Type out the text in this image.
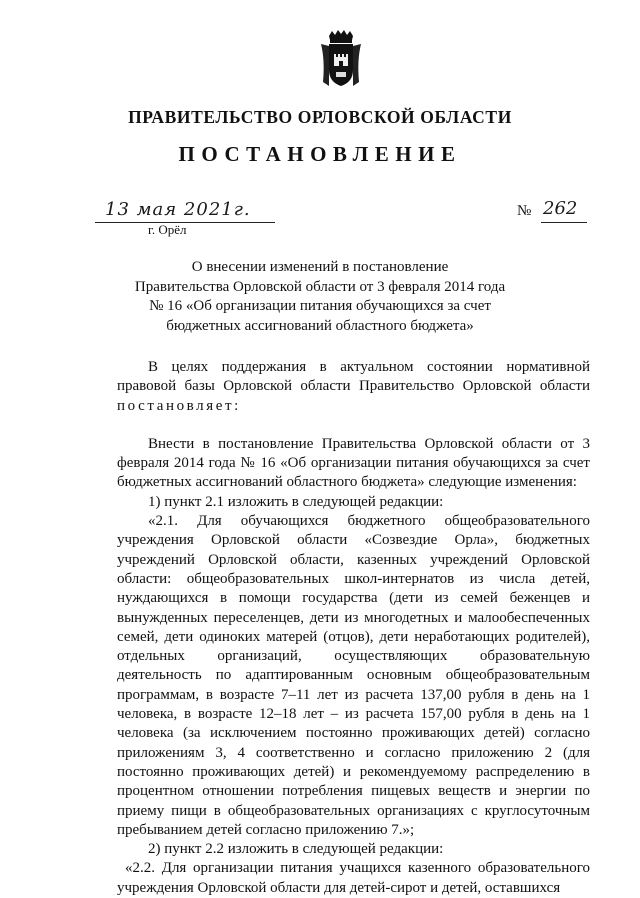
ПРАВИТЕЛЬСТВО ОРЛОВСКОЙ ОБЛАСТИ
ПОСТАНОВЛЕНИЕ
13 мая 2021г.
г. Орёл
№ 262
О внесении изменений в постановление
Правительства Орловской области от 3 февраля 2014 года
№ 16 «Об организации питания обучающихся за счет
бюджетных ассигнований областного бюджета»

В целях поддержания в актуальном состоянии нормативной правовой базы Орловской области Правительство Орловской области

постановляет:

Внести в постановление Правительства Орловской области от 3 февраля 2014 года № 16 «Об организации питания обучающихся за счет бюджетных ассигнований областного бюджета» следующие изменения:

1) пункт 2.1 изложить в следующей редакции:

«2.1. Для обучающихся бюджетного общеобразовательного учреждения Орловской области «Созвездие Орла», бюджетных учреждений Орловской области, казенных учреждений Орловской области: общеобразовательных школ-интернатов из числа детей, нуждающихся в помощи государства (дети из семей беженцев и вынужденных переселенцев, дети из многодетных и малообеспеченных семей, дети одиноких матерей (отцов), дети неработающих родителей), отдельных организаций, осуществляющих образовательную деятельность по адаптированным основным общеобразовательным программам, в возрасте 7–11 лет из расчета 137,00 рубля в день на 1 человека, в возрасте 12–18 лет – из расчета 157,00 рубля в день на 1 человека (за исключением постоянно проживающих детей) согласно приложениям 3, 4 соответственно и согласно приложению 2 (для постоянно проживающих детей) и рекомендуемому распределению в процентном отношении потребления пищевых веществ и энергии по приему пищи в общеобразовательных организациях с круглосуточным пребыванием детей согласно приложению 7.»;

2) пункт 2.2 изложить в следующей редакции:

«2.2. Для организации питания учащихся казенного образовательного учреждения Орловской области для детей-сирот и детей, оставшихся
